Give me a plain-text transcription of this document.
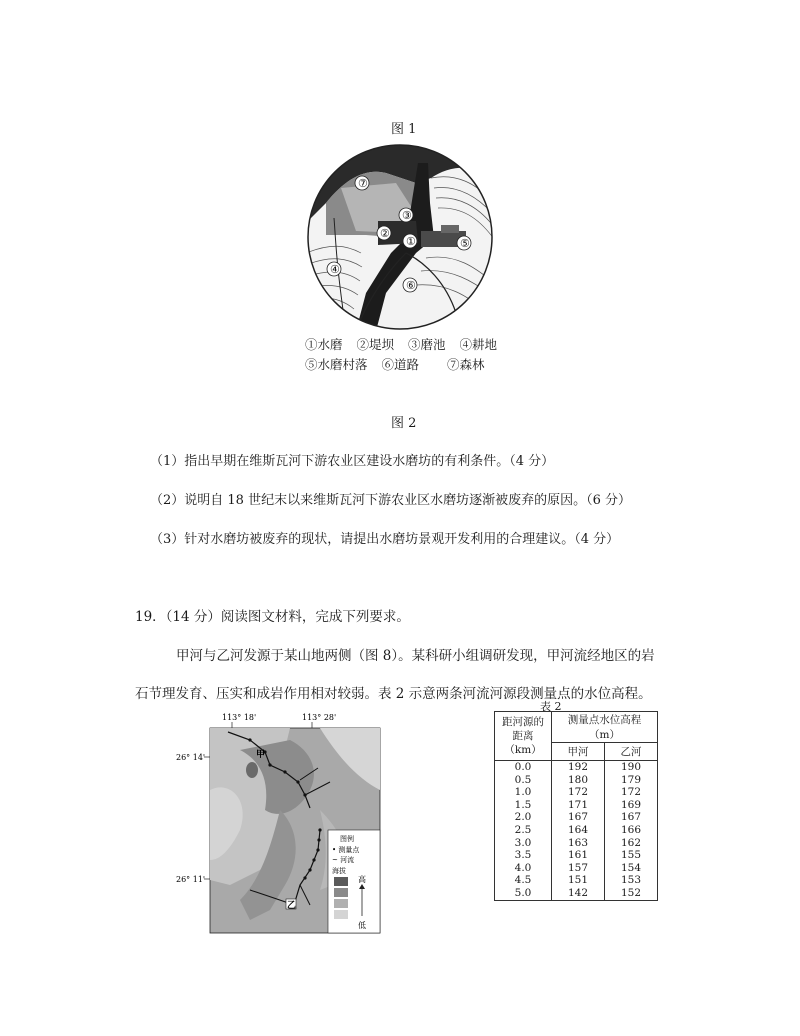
图 1
⑦
③
②
①	⑤
④
⑥
①水磨 ②堤坝 ③磨池 ④耕地
⑤水磨村落 ⑥道路 ⑦森林
图 2
（1）指出早期在维斯瓦河下游农业区建设水磨坊的有利条件。（4 分）
（2）说明自 18 世纪末以来维斯瓦河下游农业区水磨坊逐渐被废弃的原因。（6 分）
（3）针对水磨坊被废弃的现状，请提出水磨坊景观开发利用的合理建议。（4 分）
19．（14 分）阅读图文材料，完成下列要求。
甲河与乙河发源于某山地两侧（图 8）。某科研小组调研发现，甲河流经地区的岩
石节理发育、压实和成岩作用相对较弱。表 2 示意两条河流河源段测量点的水位高程。
113° 18'	113° 28'
26° 14'
26° 11'
甲
乙
图例
• 测量点
~ 河流
海拔
高
低
表 2
距河源的
距离（km）	测量点水位高程（m）	
	甲河	乙河
0.0	192	190
0.5	180	179
1.0	172	172
1.5	171	169
2.0	167	167
2.5	164	166
3.0	163	162
3.5	161	155
4.0	157	154
4.5	151	153
5.0	142	152
